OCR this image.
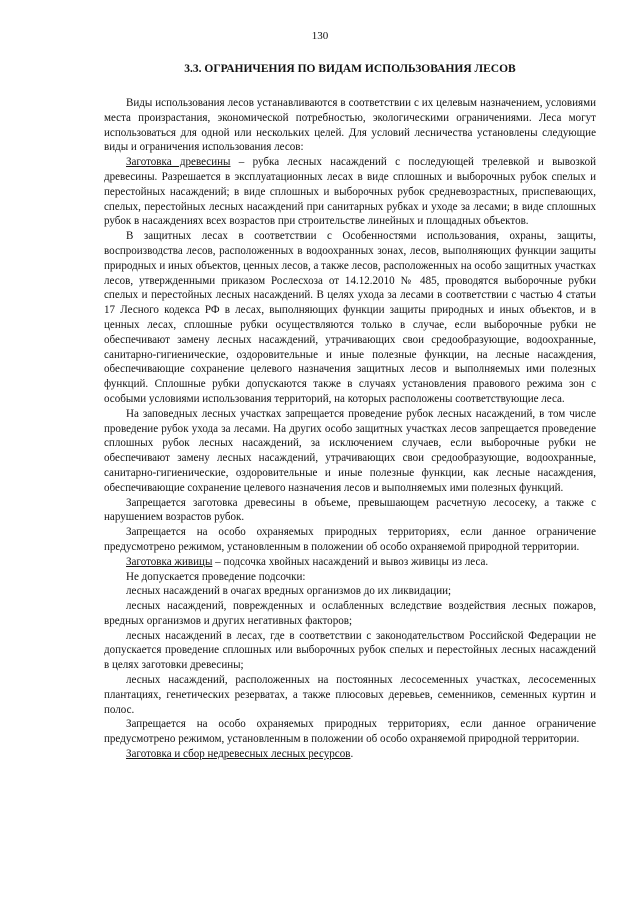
130
3.3. ОГРАНИЧЕНИЯ ПО ВИДАМ ИСПОЛЬЗОВАНИЯ ЛЕСОВ

Виды использования лесов устанавливаются в соответствии с их целевым назначением, условиями места произрастания, экономической потребностью, экологическими ограничениями. Леса могут использоваться для одной или нескольких целей. Для условий лесничества установлены следующие виды и ограничения использования лесов:

Заготовка древесины – рубка лесных насаждений с последующей трелевкой и вывозкой древесины. Разрешается в эксплуатационных лесах в виде сплошных и выборочных рубок спелых и перестойных насаждений; в виде сплошных и выборочных рубок средневозрастных, приспевающих, спелых, перестойных лесных насаждений при санитарных рубках и уходе за лесами; в виде сплошных рубок в насаждениях всех возрастов при строительстве линейных и площадных объектов.

В защитных лесах в соответствии с Особенностями использования, охраны, защиты, воспроизводства лесов, расположенных в водоохранных зонах, лесов, выполняющих функции защиты природных и иных объектов, ценных лесов, а также лесов, расположенных на особо защитных участках лесов, утвержденными приказом Рослесхоза от 14.12.2010 № 485, проводятся выборочные рубки спелых и перестойных лесных насаждений. В целях ухода за лесами в соответствии с частью 4 статьи 17 Лесного кодекса РФ в лесах, выполняющих функции защиты природных и иных объектов, и в ценных лесах, сплошные рубки осуществляются только в случае, если выборочные рубки не обеспечивают замену лесных насаждений, утрачивающих свои средообразующие, водоохранные, санитарно-гигиенические, оздоровительные и иные полезные функции, на лесные насаждения, обеспечивающие сохранение целевого назначения защитных лесов и выполняемых ими полезных функций. Сплошные рубки допускаются также в случаях установления правового режима зон с особыми условиями использования территорий, на которых расположены соответствующие леса.

На заповедных лесных участках запрещается проведение рубок лесных насаждений, в том числе проведение рубок ухода за лесами. На других особо защитных участках лесов запрещается проведение сплошных рубок лесных насаждений, за исключением случаев, если выборочные рубки не обеспечивают замену лесных насаждений, утрачивающих свои средообразующие, водоохранные, санитарно-гигиенические, оздоровительные и иные полезные функции, как лесные насаждения, обеспечивающие сохранение целевого назначения лесов и выполняемых ими полезных функций.

Запрещается заготовка древесины в объеме, превышающем расчетную лесосеку, а также с нарушением возрастов рубок.

Запрещается на особо охраняемых природных территориях, если данное ограничение предусмотрено режимом, установленным в положении об особо охраняемой природной территории.

Заготовка живицы – подсочка хвойных насаждений и вывоз живицы из леса.

Не допускается проведение подсочки:

лесных насаждений в очагах вредных организмов до их ликвидации;

лесных насаждений, поврежденных и ослабленных вследствие воздействия лесных пожаров, вредных организмов и других негативных факторов;

лесных насаждений в лесах, где в соответствии с законодательством Российской Федерации не допускается проведение сплошных или выборочных рубок спелых и перестойных лесных насаждений в целях заготовки древесины;

лесных насаждений, расположенных на постоянных лесосеменных участках, лесосеменных плантациях, генетических резерватах, а также плюсовых деревьев, семенников, семенных куртин и полос.

Запрещается на особо охраняемых природных территориях, если данное ограничение предусмотрено режимом, установленным в положении об особо охраняемой природной территории.

Заготовка и сбор недревесных лесных ресурсов.
